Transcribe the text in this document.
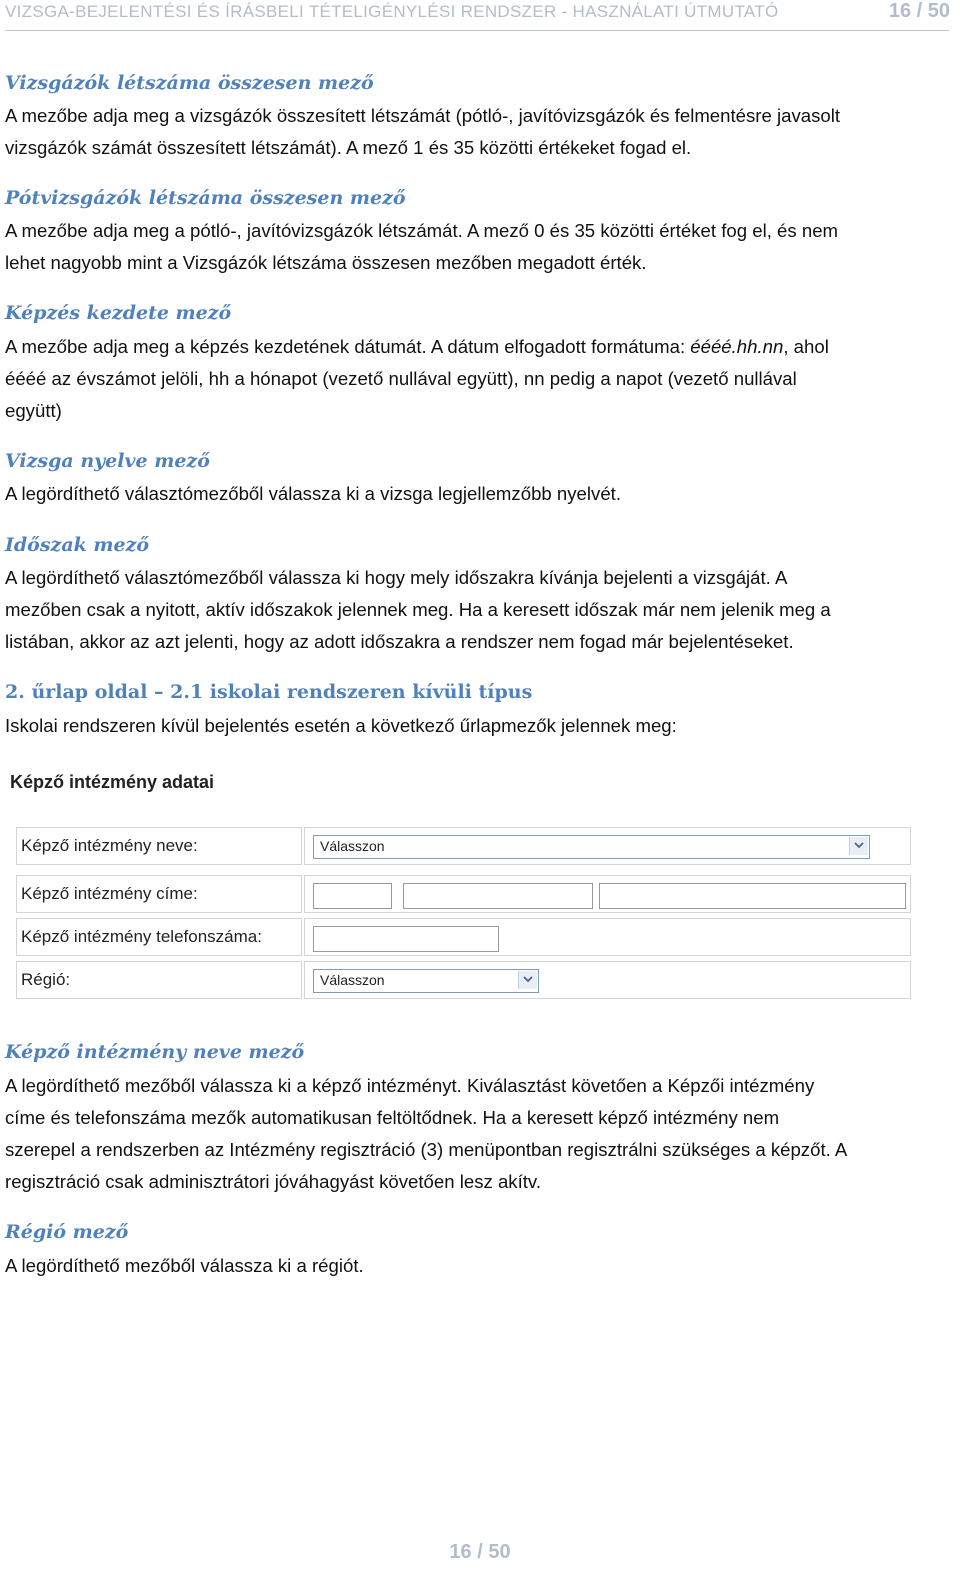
VIZSGA-BEJELENTÉSI ÉS ÍRÁSBELI TÉTELIGÉNYLÉSI RENDSZER - HASZNÁLATI ÚTMUTATÓ	16 / 50
Vizsgázók létszáma összesen mező
A mezőbe adja meg a vizsgázók összesített létszámát (pótló-, javítóvizsgázók és felmentésre javasolt
vizsgázók számát összesített létszámát). A mező 1 és 35 közötti értékeket fogad el.
Pótvizsgázók létszáma összesen mező
A mezőbe adja meg a pótló-, javítóvizsgázók létszámát. A mező 0 és 35 közötti értéket fog el, és nem
lehet nagyobb mint a Vizsgázók létszáma összesen mezőben megadott érték.
Képzés kezdete mező
A mezőbe adja meg a képzés kezdetének dátumát. A dátum elfogadott formátuma: éééé.hh.nn, ahol
éééé az évszámot jelöli, hh a hónapot (vezető nullával együtt), nn pedig a napot (vezető nullával
együtt)
Vizsga nyelve mező
A legördíthető választómezőből válassza ki a vizsga legjellemzőbb nyelvét.
Időszak mező
A legördíthető választómezőből válassza ki hogy mely időszakra kívánja bejelenti a vizsgáját. A
mezőben csak a nyitott, aktív időszakok jelennek meg. Ha a keresett időszak már nem jelenik meg a
listában, akkor az azt jelenti, hogy az adott időszakra a rendszer nem fogad már bejelentéseket.
2. űrlap oldal – 2.1 iskolai rendszeren kívüli típus
Iskolai rendszeren kívül bejelentés esetén a következő űrlapmezők jelennek meg:
Képző intézmény adatai
Képző intézmény neve:	Válasszon
Képző intézmény címe:
Képző intézmény telefonszáma:
Régió:	Válasszon
Képző intézmény neve mező
A legördíthető mezőből válassza ki a képző intézményt. Kiválasztást követően a Képzői intézmény
címe és telefonszáma mezők automatikusan feltöltődnek. Ha a keresett képző intézmény nem
szerepel a rendszerben az Intézmény regisztráció (3) menüpontban regisztrálni szükséges a képzőt. A
regisztráció csak adminisztrátori jóváhagyást követően lesz akítv.
Régió mező
A legördíthető mezőből válassza ki a régiót.
16 / 50
